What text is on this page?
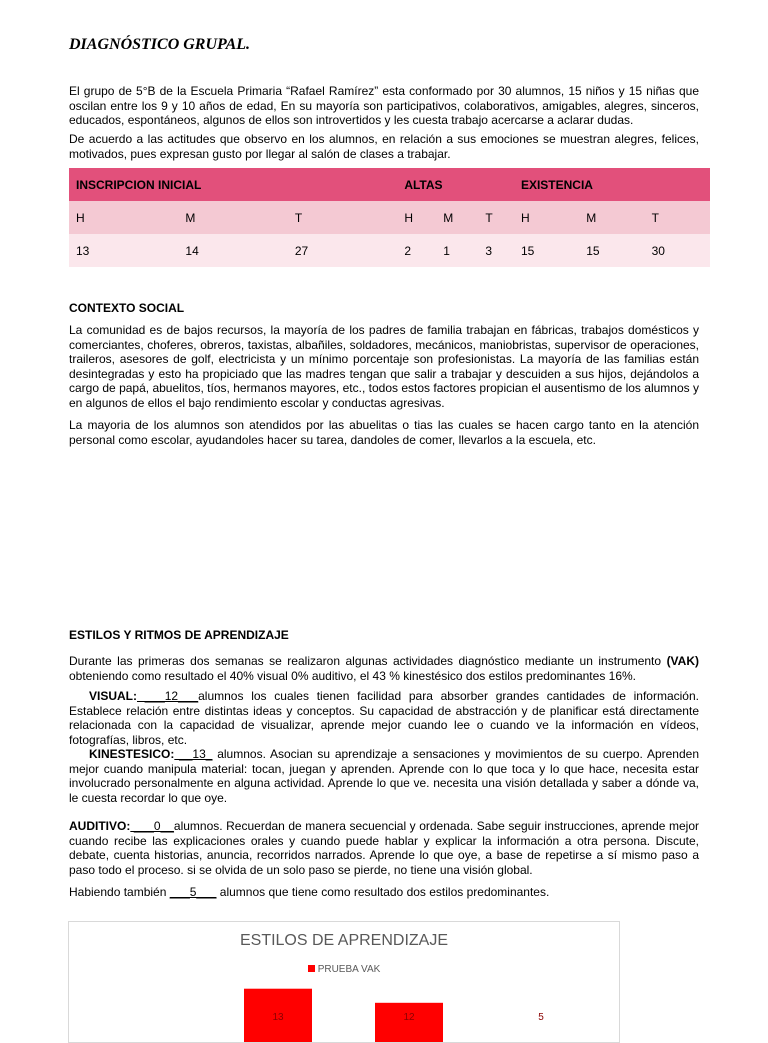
DIAGNÓSTICO GRUPAL.

El grupo de 5°B de la Escuela Primaria “Rafael Ramírez” esta conformado por 30 alumnos, 15 niños y 15 niñas que oscilan entre los 9 y 10 años de edad, En su mayoría son participativos, colaborativos, amigables, alegres, sinceros, educados, espontáneos, algunos de ellos son introvertidos y les cuesta trabajo acercarse a aclarar dudas.

De acuerdo a las actitudes que observo en los alumnos, en relación a sus emociones se muestran alegres, felices, motivados, pues expresan gusto por llegar al salón de clases a trabajar.

INSCRIPCION INICIAL			ALTAS			EXISTENCIA		
H	M	T	H	M	T	H	M	T
13	14	27	2	1	3	15	15	30

CONTEXTO SOCIAL

La comunidad es de bajos recursos, la mayoría de los padres de familia trabajan en fábricas, trabajos domésticos y comerciantes, choferes, obreros, taxistas, albañiles, soldadores, mecánicos, maniobristas, supervisor de operaciones, traileros, asesores de golf, electricista y un mínimo porcentaje son profesionistas. La mayoría de las familias están desintegradas y esto ha propiciado que las madres tengan que salir a trabajar y descuiden a sus hijos, dejándolos a cargo de papá, abuelitos, tíos, hermanos mayores, etc., todos estos factores propician el ausentismo de los alumnos y en algunos de ellos el bajo rendimiento escolar y conductas agresivas.

La mayoria de los alumnos son atendidos por las abuelitas o tias las cuales se hacen cargo tanto en la atención personal como escolar, ayudandoles hacer su tarea, dandoles de comer, llevarlos a la escuela, etc.

ESTILOS Y RITMOS DE APRENDIZAJE

Durante las primeras dos semanas se realizaron algunas actividades diagnóstico mediante un instrumento (VAK) obteniendo como resultado el 40% visual 0% auditivo, el 43 % kinestésico dos estilos predominantes 16%.

VISUAL: ___12___alumnos los cuales tienen facilidad para absorber grandes cantidades de información. Establece relación entre distintas ideas y conceptos. Su capacidad de abstracción y de planificar está directamente relacionada con la capacidad de visualizar, aprende mejor cuando lee o cuando ve la información en vídeos, fotografías, libros, etc.

KINESTESICO: __13_ alumnos. Asocian su aprendizaje a sensaciones y movimientos de su cuerpo. Aprenden mejor cuando manipula material: tocan, juegan y aprenden. Aprende con lo que toca y lo que hace, necesita estar involucrado personalmente en alguna actividad. Aprende lo que ve. necesita una visión detallada y saber a dónde va, le cuesta recordar lo que oye.

AUDITIVO: ___0__alumnos. Recuerdan de manera secuencial y ordenada. Sabe seguir instrucciones, aprende mejor cuando recibe las explicaciones orales y cuando puede hablar y explicar la información a otra persona. Discute, debate, cuenta historias, anuncia, recorridos narrados. Aprende lo que oye, a base de repetirse a sí mismo paso a paso todo el proceso. si se olvida de un solo paso se pierde, no tiene una visión global.

Habiendo también ___5___ alumnos que tiene como resultado dos estilos predominantes.

ESTILOS DE APRENDIZAJE
PRUEBA VAK
13	12	5
